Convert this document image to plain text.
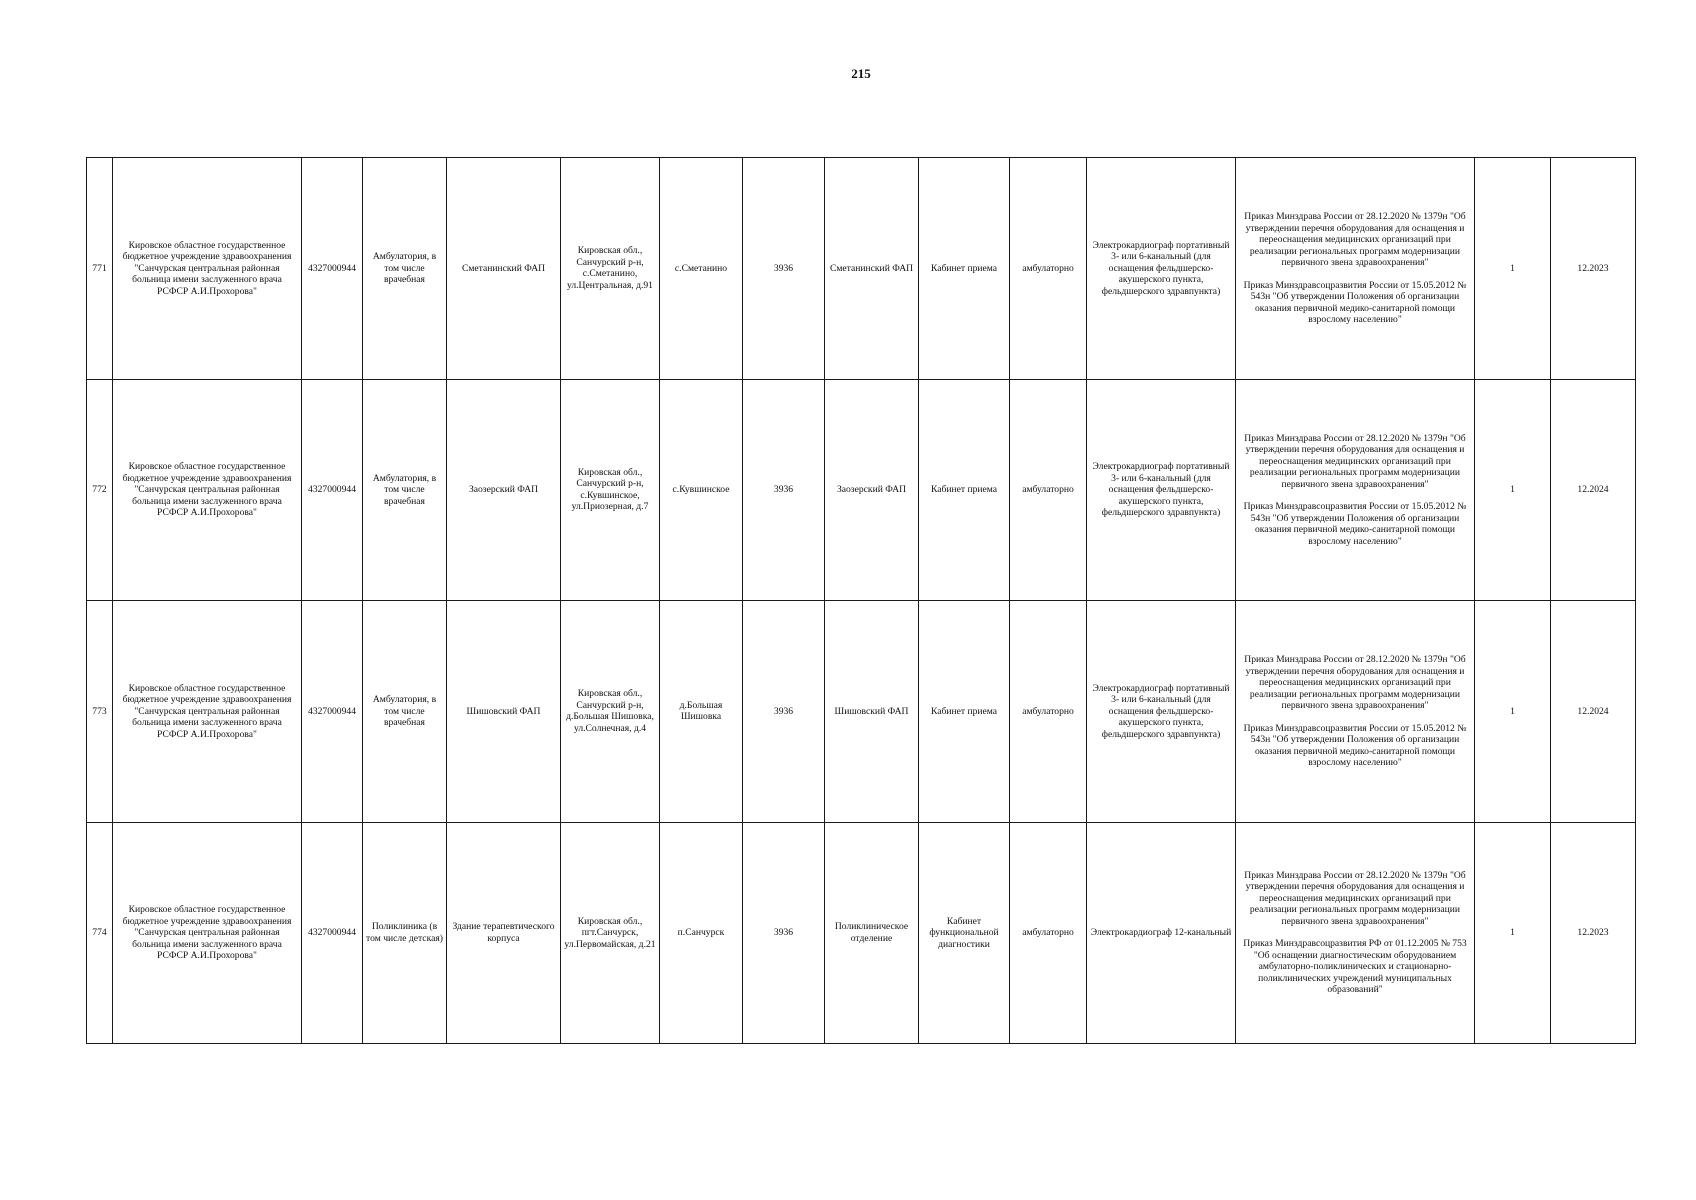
215
771	Кировское областное государственное бюджетное учреждение здравоохранения "Санчурская центральная районная больница имени заслуженного врача РСФСР А.И.Прохорова"	4327000944	Амбулатория, в том числе врачебная	Сметанинский ФАП	Кировская обл., Санчурский р-н, с.Сметанино, ул.Центральная, д.91	с.Сметанино	3936	Сметанинский ФАП	Кабинет приема	амбулаторно	Электрокардиограф портативный 3- или 6-канальный (для оснащения фельдшерско-акушерского пункта, фельдшерского здравпункта)	Приказ Минздрава России от 28.12.2020 № 1379н "Об утверждении перечня оборудования для оснащения и переоснащения медицинских организаций при реализации региональных программ модернизации первичного звена здравоохранения"
Приказ Минздравсоцразвития России от 15.05.2012 № 543н "Об утверждении Положения об организации оказания первичной медико-санитарной помощи взрослому населению"	1	12.2023
772	Кировское областное государственное бюджетное учреждение здравоохранения "Санчурская центральная районная больница имени заслуженного врача РСФСР А.И.Прохорова"	4327000944	Амбулатория, в том числе врачебная	Заозерский ФАП	Кировская обл., Санчурский р-н, с.Кувшинское, ул.Приозерная, д.7	с.Кувшинское	3936	Заозерский ФАП	Кабинет приема	амбулаторно	Электрокардиограф портативный 3- или 6-канальный (для оснащения фельдшерско-акушерского пункта, фельдшерского здравпункта)	Приказ Минздрава России от 28.12.2020 № 1379н "Об утверждении перечня оборудования для оснащения и переоснащения медицинских организаций при реализации региональных программ модернизации первичного звена здравоохранения"
Приказ Минздравсоцразвития России от 15.05.2012 № 543н "Об утверждении Положения об организации оказания первичной медико-санитарной помощи взрослому населению"	1	12.2024
773	Кировское областное государственное бюджетное учреждение здравоохранения "Санчурская центральная районная больница имени заслуженного врача РСФСР А.И.Прохорова"	4327000944	Амбулатория, в том числе врачебная	Шишовский ФАП	Кировская обл., Санчурский р-н, д.Большая Шишовка, ул.Солнечная, д.4	д.Большая Шишовка	3936	Шишовский ФАП	Кабинет приема	амбулаторно	Электрокардиограф портативный 3- или 6-канальный (для оснащения фельдшерско-акушерского пункта, фельдшерского здравпункта)	Приказ Минздрава России от 28.12.2020 № 1379н "Об утверждении перечня оборудования для оснащения и переоснащения медицинских организаций при реализации региональных программ модернизации первичного звена здравоохранения"
Приказ Минздравсоцразвития России от 15.05.2012 № 543н "Об утверждении Положения об организации оказания первичной медико-санитарной помощи взрослому населению"	1	12.2024
774	Кировское областное государственное бюджетное учреждение здравоохранения "Санчурская центральная районная больница имени заслуженного врача РСФСР А.И.Прохорова"	4327000944	Поликлиника (в том числе детская)	Здание терапевтического корпуса	Кировская обл., пгт.Санчурск, ул.Первомайская, д.21	п.Санчурск	3936	Поликлиническое отделение	Кабинет функциональной диагностики	амбулаторно	Электрокардиограф 12-канальный	Приказ Минздрава России от 28.12.2020 № 1379н "Об утверждении перечня оборудования для оснащения и переоснащения медицинских организаций при реализации региональных программ модернизации первичного звена здравоохранения"
Приказ Минздравсоцразвития РФ от 01.12.2005 № 753 "Об оснащении диагностическим оборудованием амбулаторно-поликлинических и стационарно-поликлинических учреждений муниципальных образований"	1	12.2023
